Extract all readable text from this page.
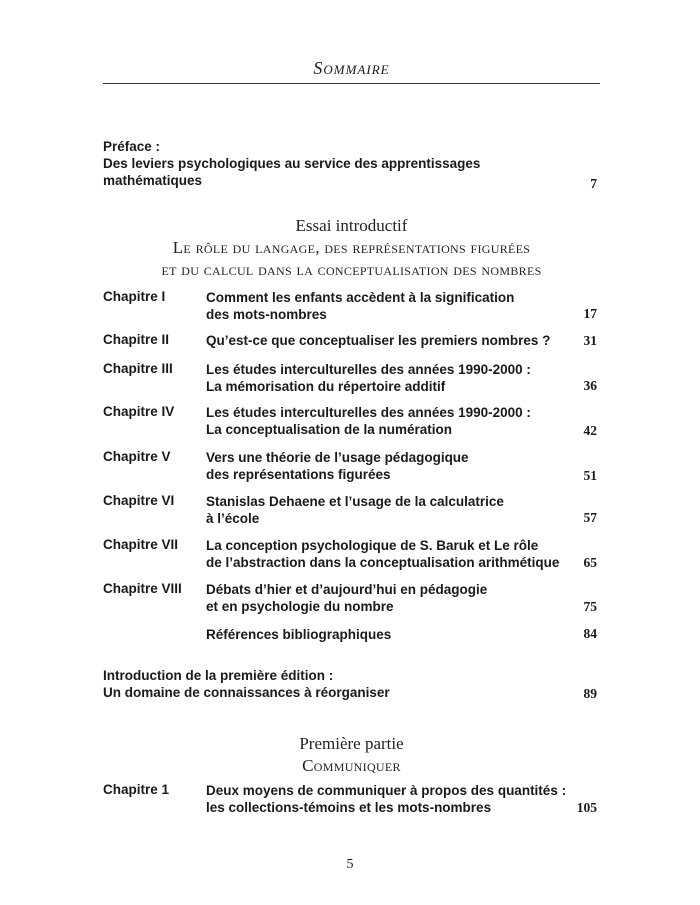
Sommaire
Préface :
Des leviers psychologiques au service des apprentissages
mathématiques	7
Essai introductif
Le rôle du langage, des représentations figurées
et du calcul dans la conceptualisation des nombres
Chapitre I	Comment les enfants accèdent à la signification
des mots-nombres	17
Chapitre II	Qu’est-ce que conceptualiser les premiers nombres ? 31
Chapitre III Les études interculturelles des années 1990-2000 :
La mémorisation du répertoire additif	36
Chapitre IV Les études interculturelles des années 1990-2000 :
La conceptualisation de la numération	42
Chapitre V	Vers une théorie de l’usage pédagogique
des représentations figurées	51
Chapitre VI Stanislas Dehaene et l’usage de la calculatrice
à l’école	57
Chapitre VII La conception psychologique de S. Baruk et Le rôle
de l’abstraction dans la conceptualisation arithmétique 65
Chapitre VIII Débats d’hier et d’aujourd’hui en pédagogie
et en psychologie du nombre	75
Références bibliographiques	84
Introduction de la première édition :
Un domaine de connaissances à réorganiser	89
Première partie
Communiquer
Chapitre 1	Deux moyens de communiquer à propos des quantités :
les collections-témoins et les mots-nombres	105
5
